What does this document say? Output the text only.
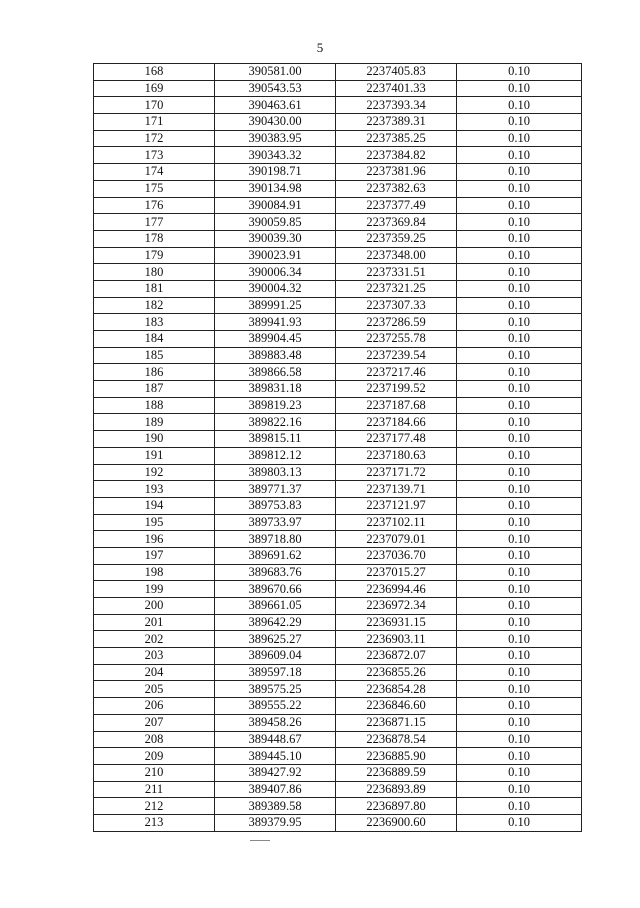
5
168	390581.00	2237405.83	0.10
169	390543.53	2237401.33	0.10
170	390463.61	2237393.34	0.10
171	390430.00	2237389.31	0.10
172	390383.95	2237385.25	0.10
173	390343.32	2237384.82	0.10
174	390198.71	2237381.96	0.10
175	390134.98	2237382.63	0.10
176	390084.91	2237377.49	0.10
177	390059.85	2237369.84	0.10
178	390039.30	2237359.25	0.10
179	390023.91	2237348.00	0.10
180	390006.34	2237331.51	0.10
181	390004.32	2237321.25	0.10
182	389991.25	2237307.33	0.10
183	389941.93	2237286.59	0.10
184	389904.45	2237255.78	0.10
185	389883.48	2237239.54	0.10
186	389866.58	2237217.46	0.10
187	389831.18	2237199.52	0.10
188	389819.23	2237187.68	0.10
189	389822.16	2237184.66	0.10
190	389815.11	2237177.48	0.10
191	389812.12	2237180.63	0.10
192	389803.13	2237171.72	0.10
193	389771.37	2237139.71	0.10
194	389753.83	2237121.97	0.10
195	389733.97	2237102.11	0.10
196	389718.80	2237079.01	0.10
197	389691.62	2237036.70	0.10
198	389683.76	2237015.27	0.10
199	389670.66	2236994.46	0.10
200	389661.05	2236972.34	0.10
201	389642.29	2236931.15	0.10
202	389625.27	2236903.11	0.10
203	389609.04	2236872.07	0.10
204	389597.18	2236855.26	0.10
205	389575.25	2236854.28	0.10
206	389555.22	2236846.60	0.10
207	389458.26	2236871.15	0.10
208	389448.67	2236878.54	0.10
209	389445.10	2236885.90	0.10
210	389427.92	2236889.59	0.10
211	389407.86	2236893.89	0.10
212	389389.58	2236897.80	0.10
213	389379.95	2236900.60	0.10
